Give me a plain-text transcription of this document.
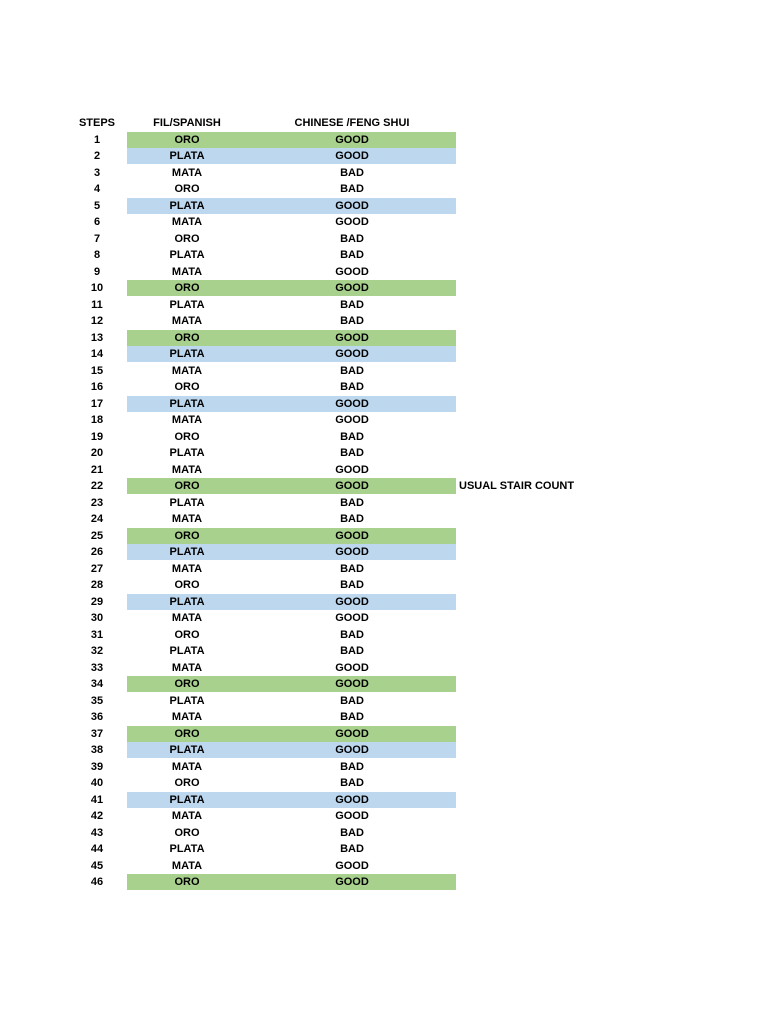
STEPS	FIL/SPANISH	CHINESE /FENG SHUI
1	ORO	GOOD
2	PLATA	GOOD
3	MATA	BAD
4	ORO	BAD
5	PLATA	GOOD
6	MATA	GOOD
7	ORO	BAD
8	PLATA	BAD
9	MATA	GOOD
10	ORO	GOOD
11	PLATA	BAD
12	MATA	BAD
13	ORO	GOOD
14	PLATA	GOOD
15	MATA	BAD
16	ORO	BAD
17	PLATA	GOOD
18	MATA	GOOD
19	ORO	BAD
20	PLATA	BAD
21	MATA	GOOD
22	ORO	GOOD	USUAL STAIR COUNT
23	PLATA	BAD
24	MATA	BAD
25	ORO	GOOD
26	PLATA	GOOD
27	MATA	BAD
28	ORO	BAD
29	PLATA	GOOD
30	MATA	GOOD
31	ORO	BAD
32	PLATA	BAD
33	MATA	GOOD
34	ORO	GOOD
35	PLATA	BAD
36	MATA	BAD
37	ORO	GOOD
38	PLATA	GOOD
39	MATA	BAD
40	ORO	BAD
41	PLATA	GOOD
42	MATA	GOOD
43	ORO	BAD
44	PLATA	BAD
45	MATA	GOOD
46	ORO	GOOD
